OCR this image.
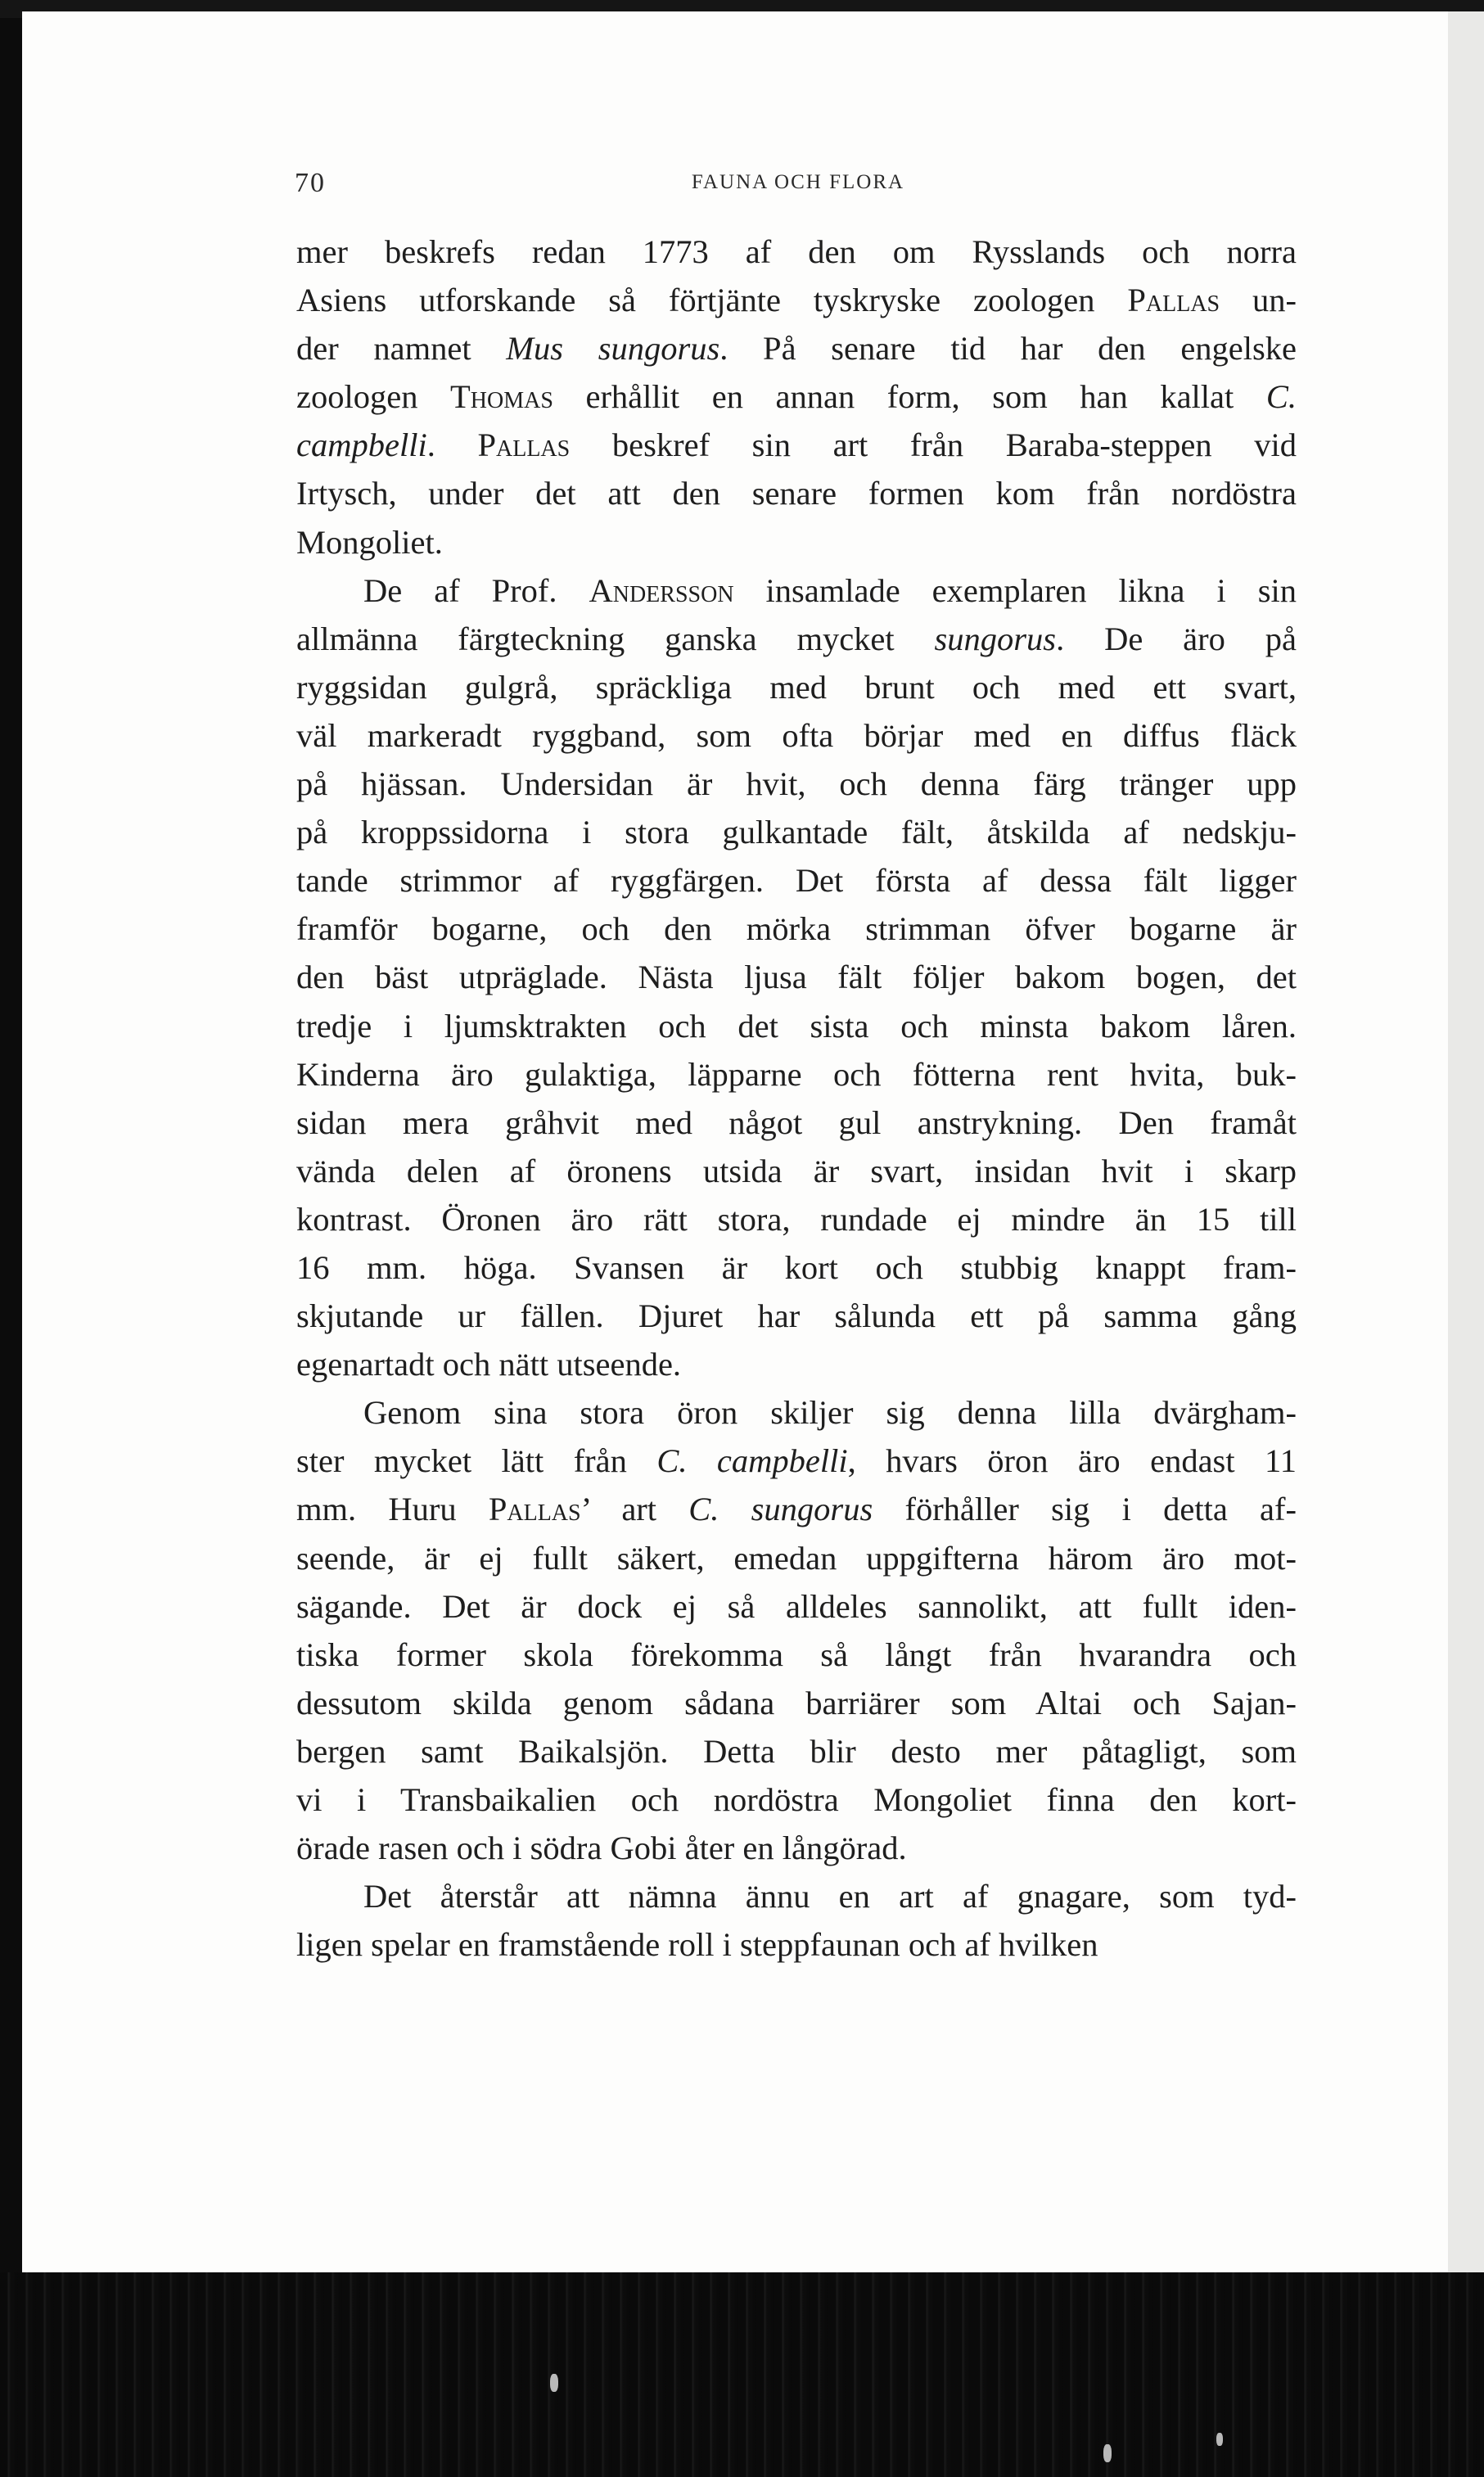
70	FAUNA OCH FLORA
mer beskrefs redan 1773 af den om Rysslands och norra
Asiens utforskande så förtjänte tyskryske zoologen Pallas un-
der namnet Mus sungorus. På senare tid har den engelske
zoologen Thomas erhållit en annan form, som han kallat C.
campbelli. Pallas beskref sin art från Baraba-steppen vid
Irtysch, under det att den senare formen kom från nordöstra
Mongoliet.
De af Prof. Andersson insamlade exemplaren likna i sin
allmänna färgteckning ganska mycket sungorus. De äro på
ryggsidan gulgrå, spräckliga med brunt och med ett svart,
väl markeradt ryggband, som ofta börjar med en diffus fläck
på hjässan. Undersidan är hvit, och denna färg tränger upp
på kroppssidorna i stora gulkantade fält, åtskilda af nedskju-
tande strimmor af ryggfärgen. Det första af dessa fält ligger
framför bogarne, och den mörka strimman öfver bogarne är
den bäst utpräglade. Nästa ljusa fält följer bakom bogen, det
tredje i ljumsktrakten och det sista och minsta bakom låren.
Kinderna äro gulaktiga, läpparne och fötterna rent hvita, buk-
sidan mera gråhvit med något gul anstrykning. Den framåt
vända delen af öronens utsida är svart, insidan hvit i skarp
kontrast. Öronen äro rätt stora, rundade ej mindre än 15 till
16 mm. höga. Svansen är kort och stubbig knappt fram-
skjutande ur fällen. Djuret har sålunda ett på samma gång
egenartadt och nätt utseende.
Genom sina stora öron skiljer sig denna lilla dvärgham-
ster mycket lätt från C. campbelli, hvars öron äro endast 11
mm. Huru Pallas’ art C. sungorus förhåller sig i detta af-
seende, är ej fullt säkert, emedan uppgifterna härom äro mot-
sägande. Det är dock ej så alldeles sannolikt, att fullt iden-
tiska former skola förekomma så långt från hvarandra och
dessutom skilda genom sådana barriärer som Altai och Sajan-
bergen samt Baikalsjön. Detta blir desto mer påtagligt, som
vi i Transbaikalien och nordöstra Mongoliet finna den kort-
örade rasen och i södra Gobi åter en långörad.
Det återstår att nämna ännu en art af gnagare, som tyd-
ligen spelar en framstående roll i steppfaunan och af hvilken
